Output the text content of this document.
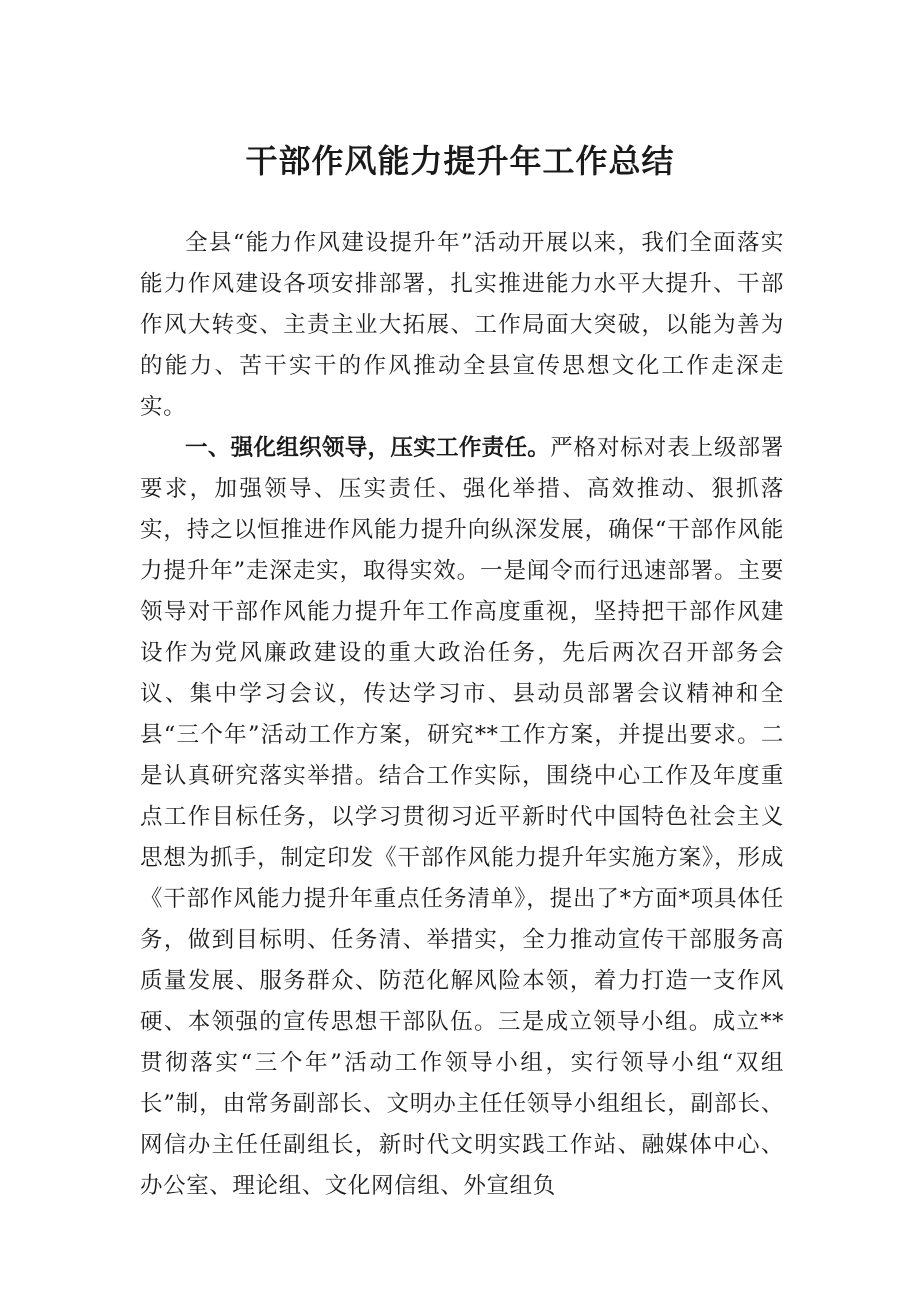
干部作风能力提升年工作总结

全县“能力作风建设提升年”活动开展以来，我们全面落实能力作风建设各项安排部署，扎实推进能力水平大提升、干部作风大转变、主责主业大拓展、工作局面大突破，以能为善为的能力、苦干实干的作风推动全县宣传思想文化工作走深走实。

一、强化组织领导，压实工作责任。严格对标对表上级部署要求，加强领导、压实责任、强化举措、高效推动、狠抓落实，持之以恒推进作风能力提升向纵深发展，确保“干部作风能力提升年”走深走实，取得实效。一是闻令而行迅速部署。主要领导对干部作风能力提升年工作高度重视，坚持把干部作风建设作为党风廉政建设的重大政治任务，先后两次召开部务会议、集中学习会议，传达学习市、县动员部署会议精神和全县“三个年”活动工作方案，研究**工作方案，并提出要求。二是认真研究落实举措。结合工作实际，围绕中心工作及年度重点工作目标任务，以学习贯彻习近平新时代中国特色社会主义思想为抓手，制定印发《干部作风能力提升年实施方案》，形成《干部作风能力提升年重点任务清单》，提出了*方面*项具体任务，做到目标明、任务清、举措实，全力推动宣传干部服务高质量发展、服务群众、防范化解风险本领，着力打造一支作风硬、本领强的宣传思想干部队伍。三是成立领导小组。成立**贯彻落实“三个年”活动工作领导小组，实行领导小组“双组长”制，由常务副部长、文明办主任任领导小组组长，副部长、网信办主任任副组长，新时代文明实践工作站、融媒体中心、办公室、理论组、文化网信组、外宣组负
